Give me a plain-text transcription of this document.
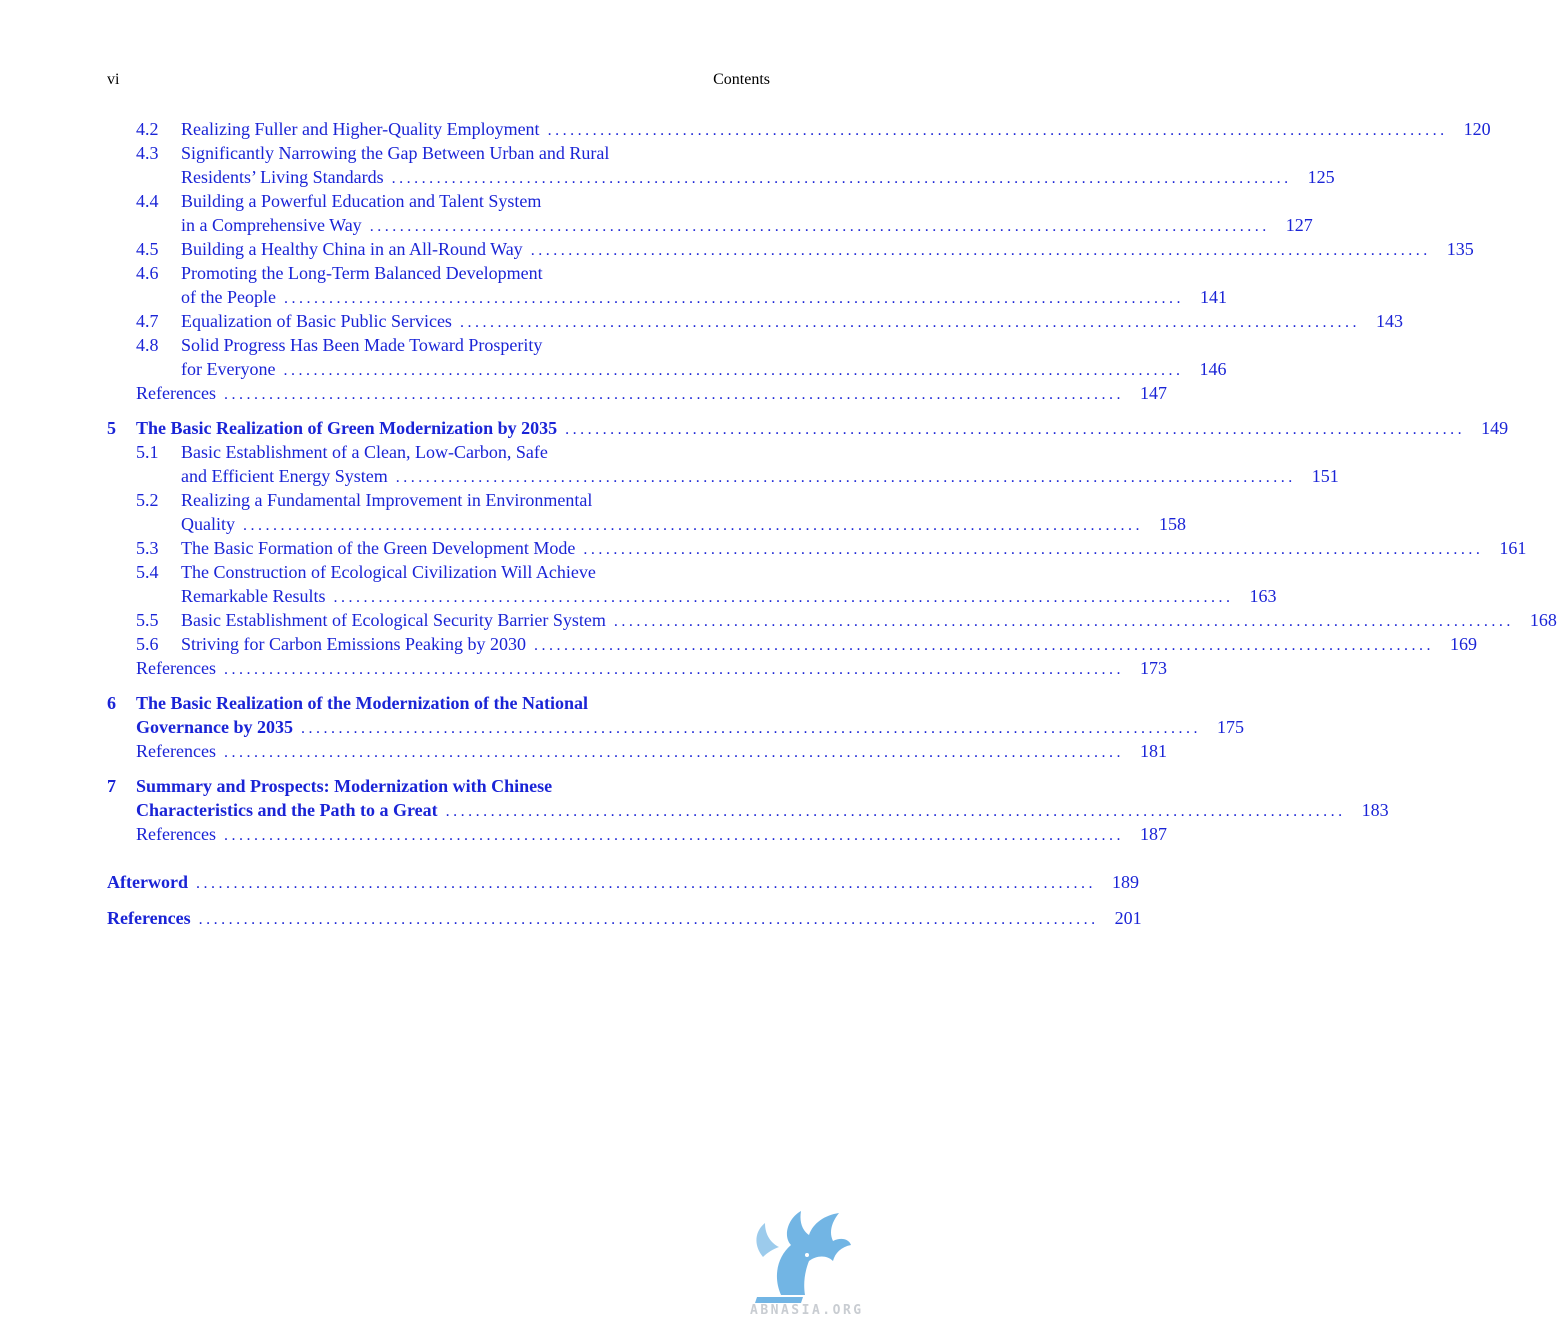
vi	Contents
4.2 Realizing Fuller and Higher-Quality Employment ........................................................................................................................ 120
4.3 Significantly Narrowing the Gap Between Urban and Rural
Residents’ Living Standards ........................................................................................................................ 125
4.4 Building a Powerful Education and Talent System
in a Comprehensive Way ........................................................................................................................ 127
4.5 Building a Healthy China in an All-Round Way ........................................................................................................................ 135
4.6 Promoting the Long-Term Balanced Development
of the People ........................................................................................................................ 141
4.7 Equalization of Basic Public Services ........................................................................................................................ 143
4.8 Solid Progress Has Been Made Toward Prosperity
for Everyone ........................................................................................................................ 146
References ........................................................................................................................ 147
5 The Basic Realization of Green Modernization by 2035 ........................................................................................................................ 149
5.1 Basic Establishment of a Clean, Low-Carbon, Safe
and Efficient Energy System ........................................................................................................................ 151
5.2 Realizing a Fundamental Improvement in Environmental
Quality ........................................................................................................................ 158
5.3 The Basic Formation of the Green Development Mode ........................................................................................................................ 161
5.4 The Construction of Ecological Civilization Will Achieve
Remarkable Results ........................................................................................................................ 163
5.5 Basic Establishment of Ecological Security Barrier System ........................................................................................................................ 168
5.6 Striving for Carbon Emissions Peaking by 2030 ........................................................................................................................ 169
References ........................................................................................................................ 173
6 The Basic Realization of the Modernization of the National
Governance by 2035 ........................................................................................................................ 175
References ........................................................................................................................ 181
7 Summary and Prospects: Modernization with Chinese
Characteristics and the Path to a Great ........................................................................................................................ 183
References ........................................................................................................................ 187
Afterword ........................................................................................................................ 189
References ........................................................................................................................ 201
ABNASIA.ORG
